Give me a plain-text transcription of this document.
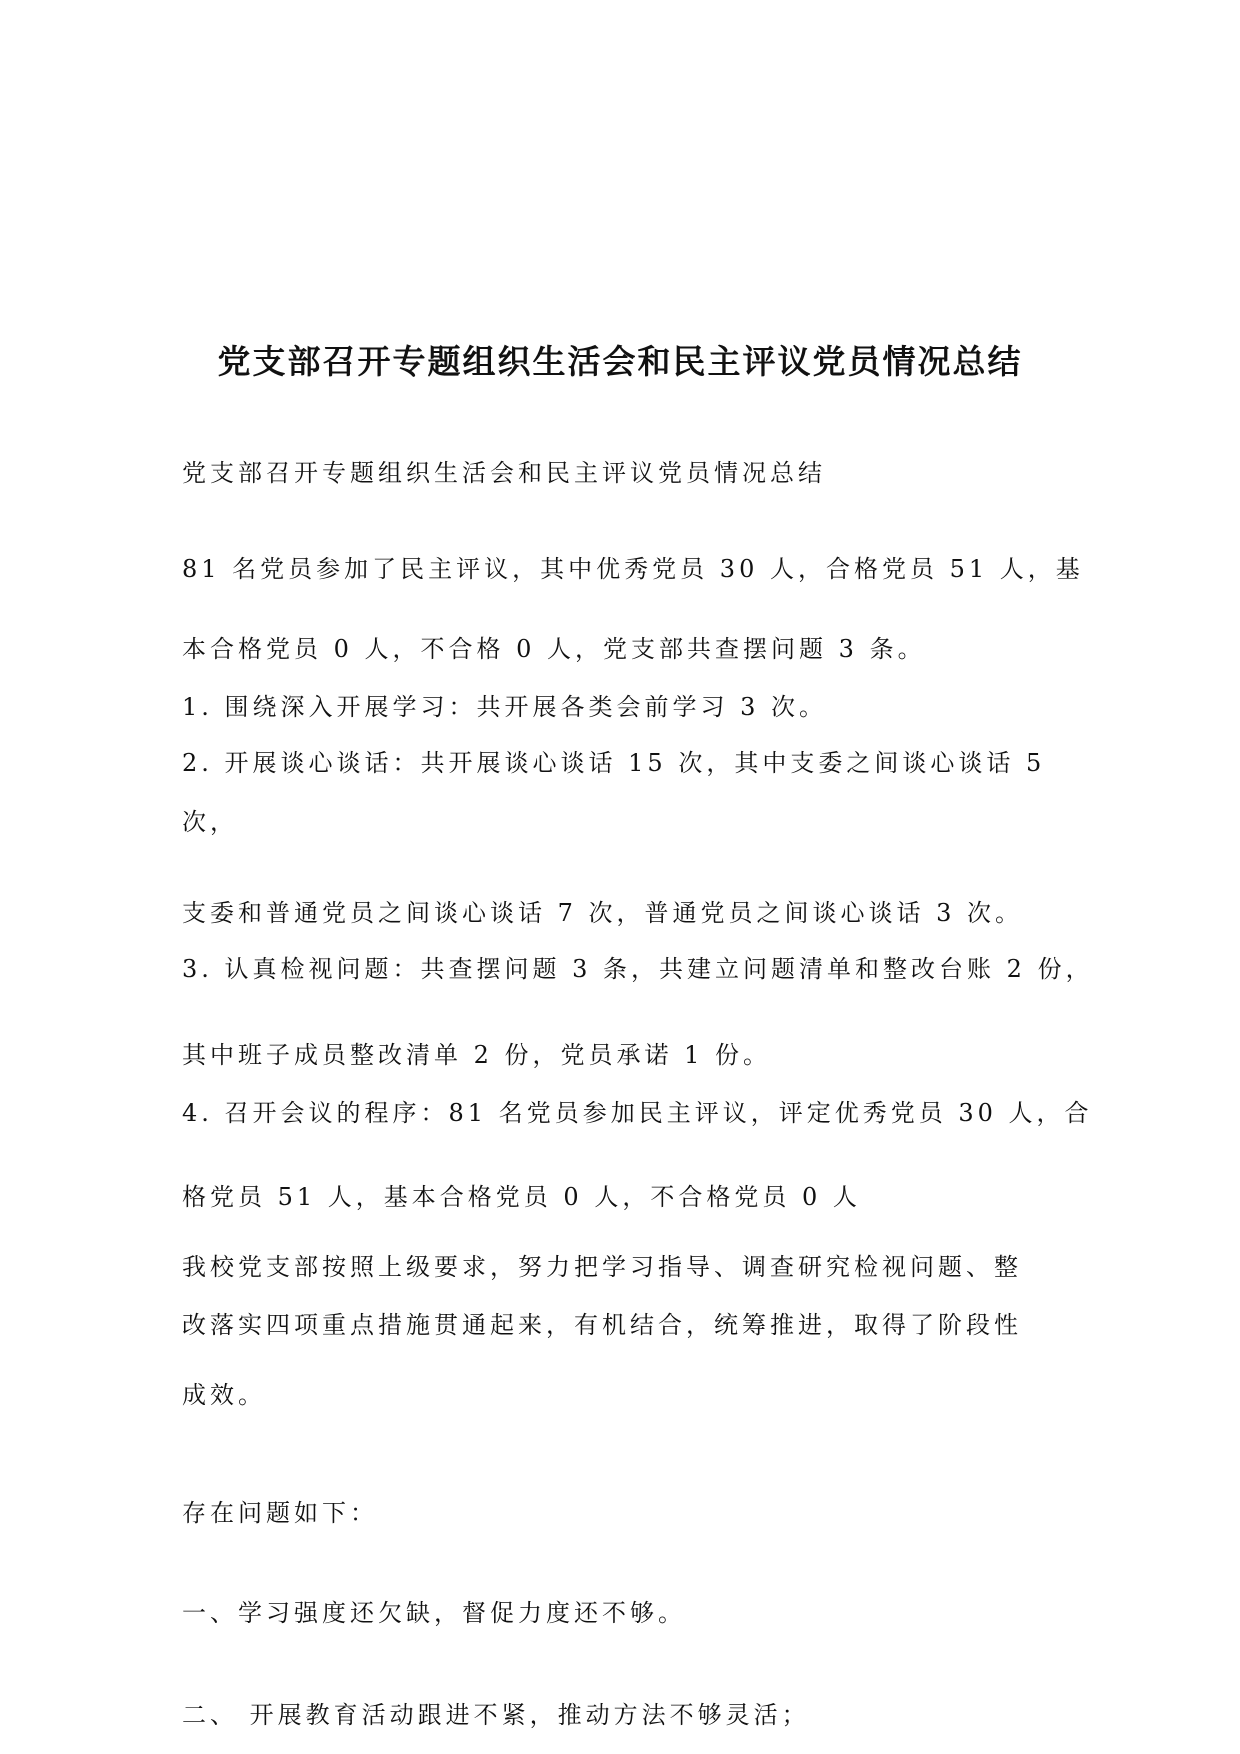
党支部召开专题组织生活会和民主评议党员情况总结
党支部召开专题组织生活会和民主评议党员情况总结
81 名党员参加了民主评议，其中优秀党员 30 人，合格党员 51 人，基
本合格党员 0 人，不合格 0 人，党支部共查摆问题 3 条。
1. 围绕深入开展学习：共开展各类会前学习 3 次。
2. 开展谈心谈话：共开展谈心谈话 15 次，其中支委之间谈心谈话 5
次，
支委和普通党员之间谈心谈话 7 次，普通党员之间谈心谈话 3 次。
3. 认真检视问题：共查摆问题 3 条，共建立问题清单和整改台账 2 份，
其中班子成员整改清单 2 份，党员承诺 1 份。
4. 召开会议的程序：81 名党员参加民主评议，评定优秀党员 30 人，合
格党员 51 人，基本合格党员 0 人，不合格党员 0 人
我校党支部按照上级要求，努力把学习指导、调查研究检视问题、整
改落实四项重点措施贯通起来，有机结合，统筹推进，取得了阶段性
成效。
存在问题如下：
一、学习强度还欠缺，督促力度还不够。
二、 开展教育活动跟进不紧，推动方法不够灵活；
